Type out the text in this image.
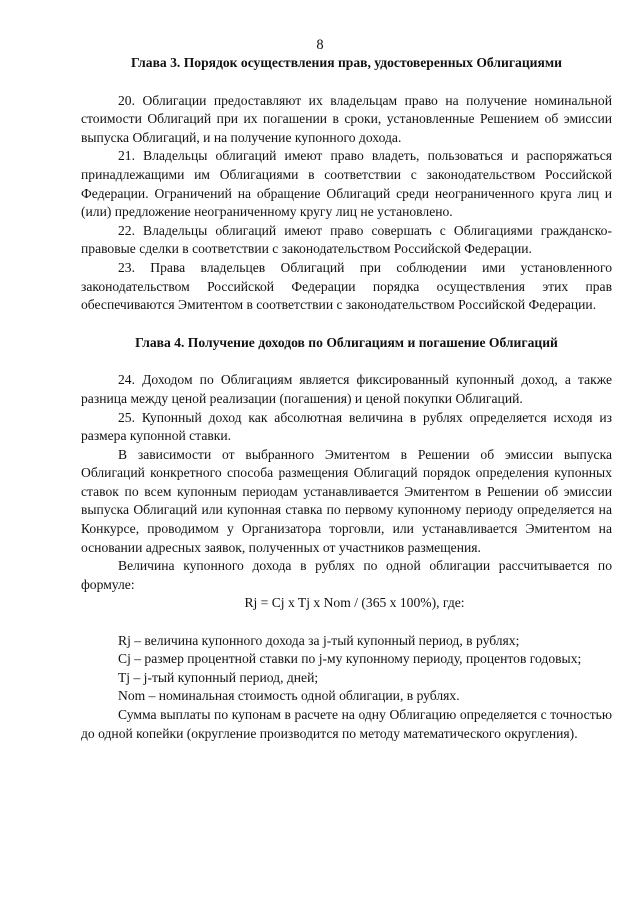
8

Глава 3. Порядок осуществления прав, удостоверенных Облигациями

20. Облигации предоставляют их владельцам право на получение номинальной стоимости Облигаций при их погашении в сроки, установленные Решением об эмиссии выпуска Облигаций, и на получение купонного дохода.

21. Владельцы облигаций имеют право владеть, пользоваться и распоряжаться принадлежащими им Облигациями в соответствии с законодательством Российской Федерации. Ограничений на обращение Облигаций среди неограниченного круга лиц и (или) предложение неограниченному кругу лиц не установлено.

22. Владельцы облигаций имеют право совершать с Облигациями гражданско-правовые сделки в соответствии с законодательством Российской Федерации.

23. Права владельцев Облигаций при соблюдении ими установленного законодательством Российской Федерации порядка осуществления этих прав обеспечиваются Эмитентом в соответствии с законодательством Российской Федерации.

Глава 4. Получение доходов по Облигациям и погашение Облигаций

24. Доходом по Облигациям является фиксированный купонный доход, а также разница между ценой реализации (погашения) и ценой покупки Облигаций.

25. Купонный доход как абсолютная величина в рублях определяется исходя из размера купонной ставки.

В зависимости от выбранного Эмитентом в Решении об эмиссии выпуска Облигаций конкретного способа размещения Облигаций порядок определения купонных ставок по всем купонным периодам устанавливается Эмитентом в Решении об эмиссии выпуска Облигаций или купонная ставка по первому купонному периоду определяется на Конкурсе, проводимом у Организатора торговли, или устанавливается Эмитентом на основании адресных заявок, полученных от участников размещения.

Величина купонного дохода в рублях по одной облигации рассчитывается по формуле:

Rj = Cj x Tj x Nom / (365 x 100%), где:

Rj – величина купонного дохода за j-тый купонный период, в рублях;

Cj – размер процентной ставки по j-му купонному периоду, процентов годовых;

Tj – j-тый купонный период, дней;

Nom – номинальная стоимость одной облигации, в рублях.

Сумма выплаты по купонам в расчете на одну Облигацию определяется с точностью до одной копейки (округление производится по методу математического округления).
